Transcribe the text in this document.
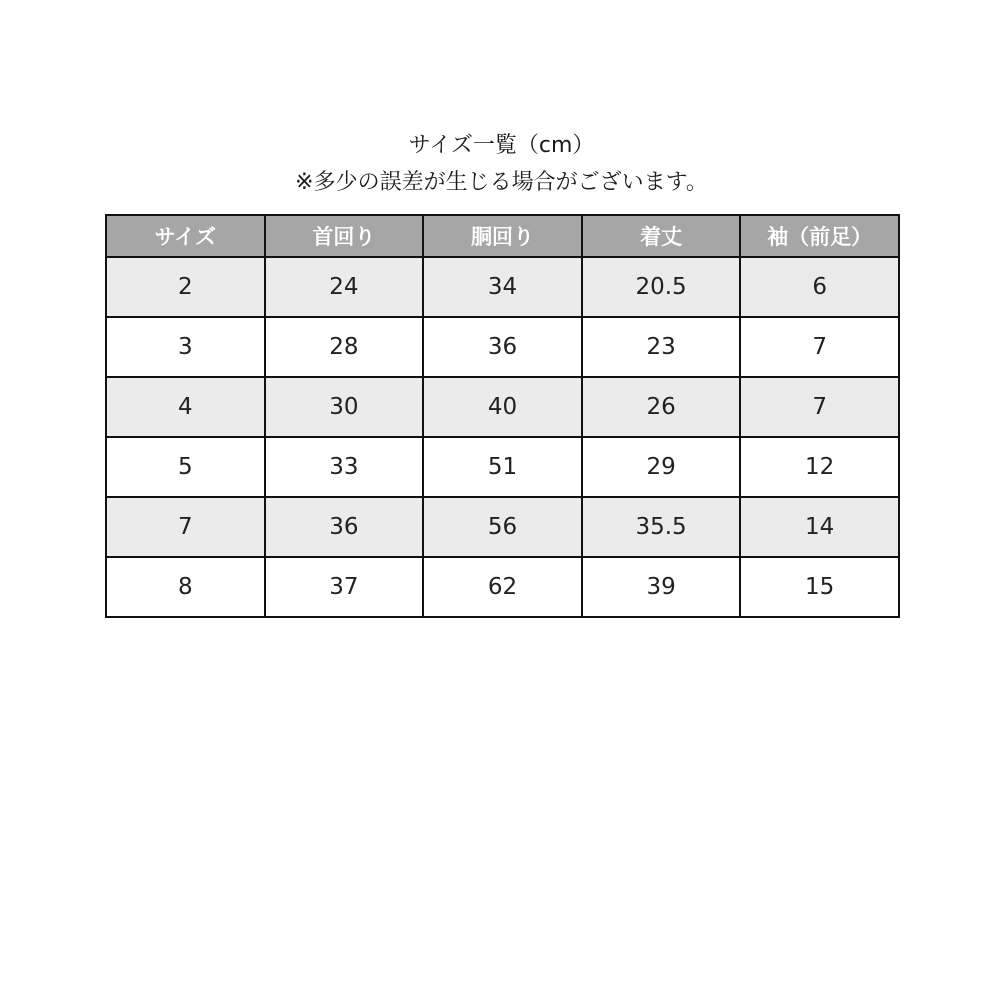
サイズ一覧（cm）
※多少の誤差が生じる場合がございます。
サイズ	首回り	胴回り	着丈	袖（前足）
2	24	34	20.5	6
3	28	36	23	7
4	30	40	26	7
5	33	51	29	12
7	36	56	35.5	14
8	37	62	39	15
